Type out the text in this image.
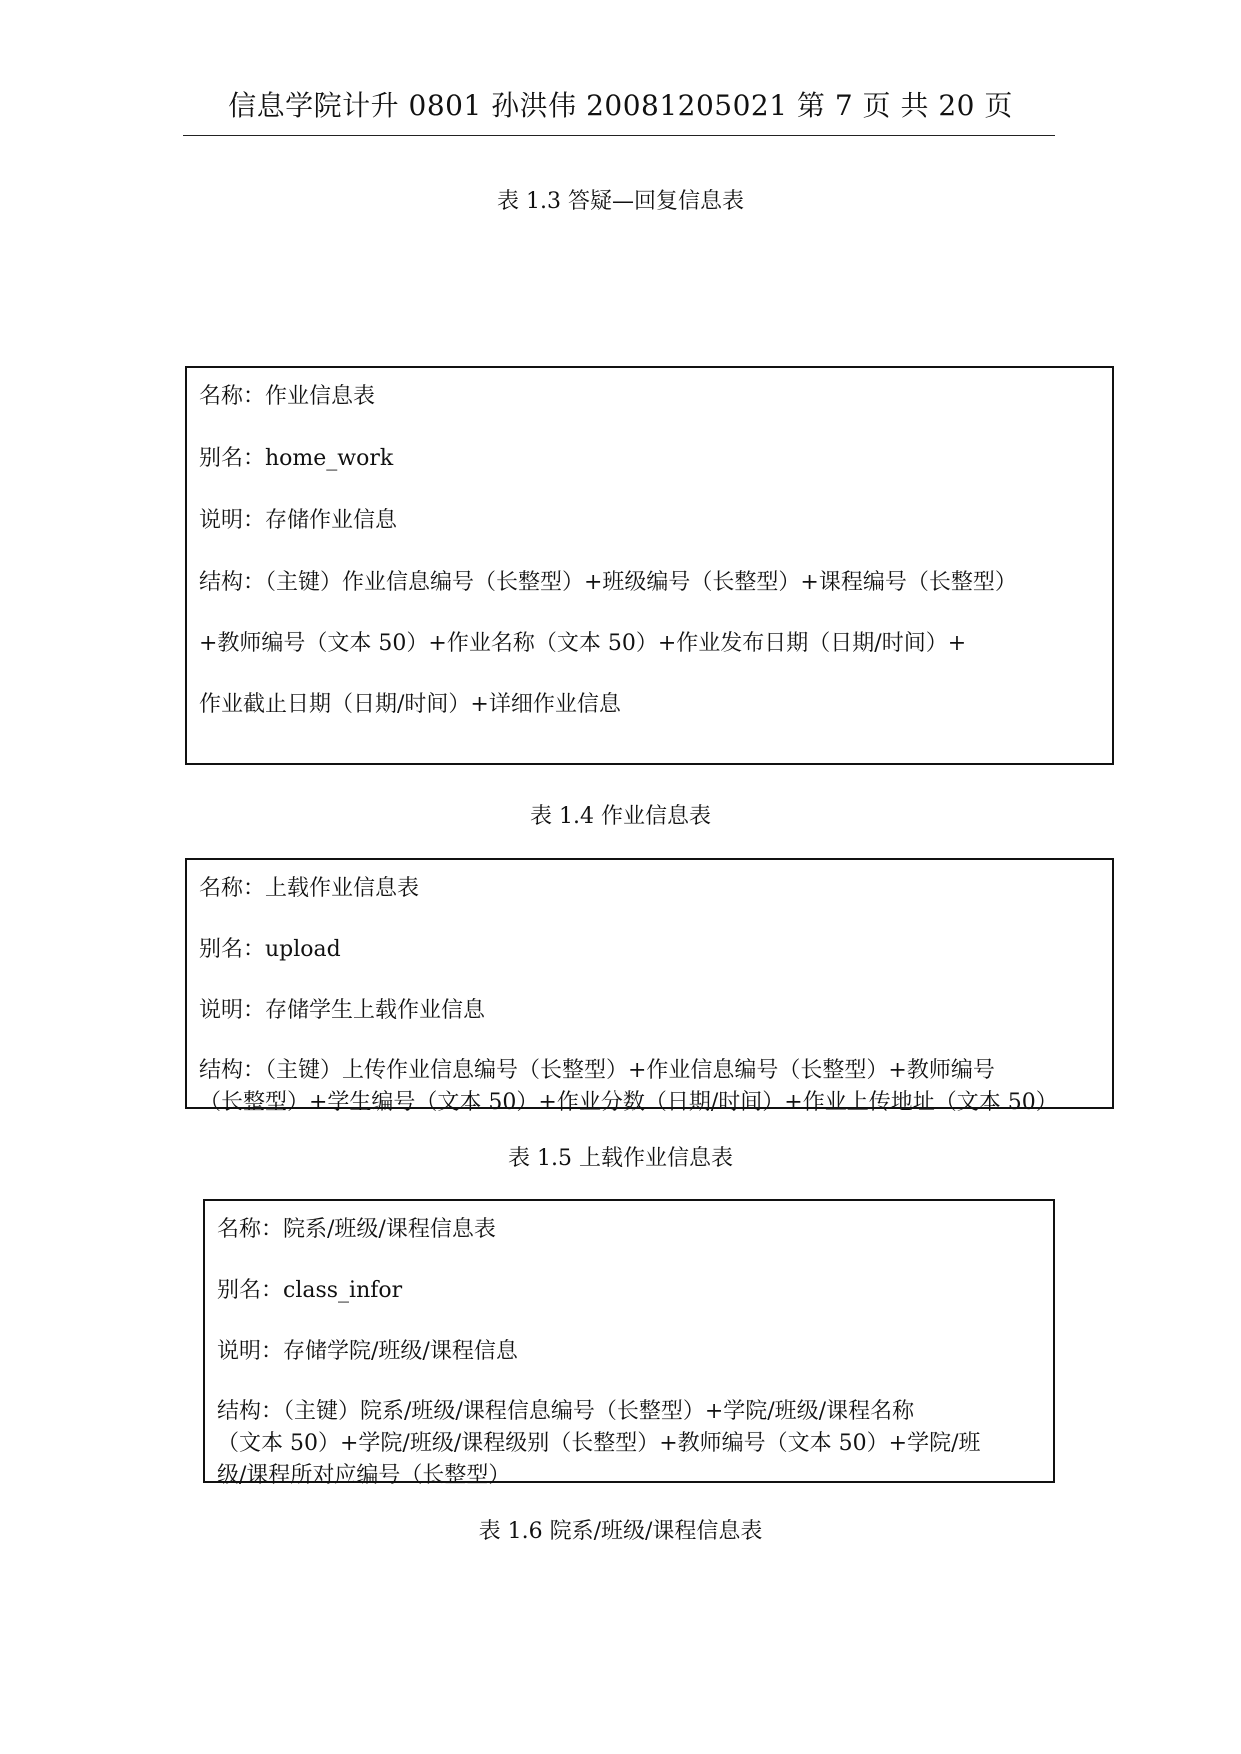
信息学院计升 0801 孙洪伟 20081205021 第 7 页 共 20 页
表 1.3 答疑—回复信息表

名称：作业信息表

别名：home_work

说明：存储作业信息

结构：（主键）作业信息编号（长整型）+班级编号（长整型）+课程编号（长整型）

+教师编号（文本 50）+作业名称（文本 50）+作业发布日期（日期/时间）+

作业截止日期（日期/时间）+详细作业信息

表 1.4 作业信息表

名称：上载作业信息表

别名：upload

说明：存储学生上载作业信息

结构：（主键）上传作业信息编号（长整型）+作业信息编号（长整型）+教师编号

（长整型）+学生编号（文本 50）+作业分数（日期/时间）+作业上传地址（文本 50）

表 1.5 上载作业信息表

名称：院系/班级/课程信息表

别名：class_infor

说明：存储学院/班级/课程信息

结构：（主键）院系/班级/课程信息编号（长整型）+学院/班级/课程名称

（文本 50）+学院/班级/课程级别（长整型）+教师编号（文本 50）+学院/班

级/课程所对应编号（长整型）

表 1.6 院系/班级/课程信息表
